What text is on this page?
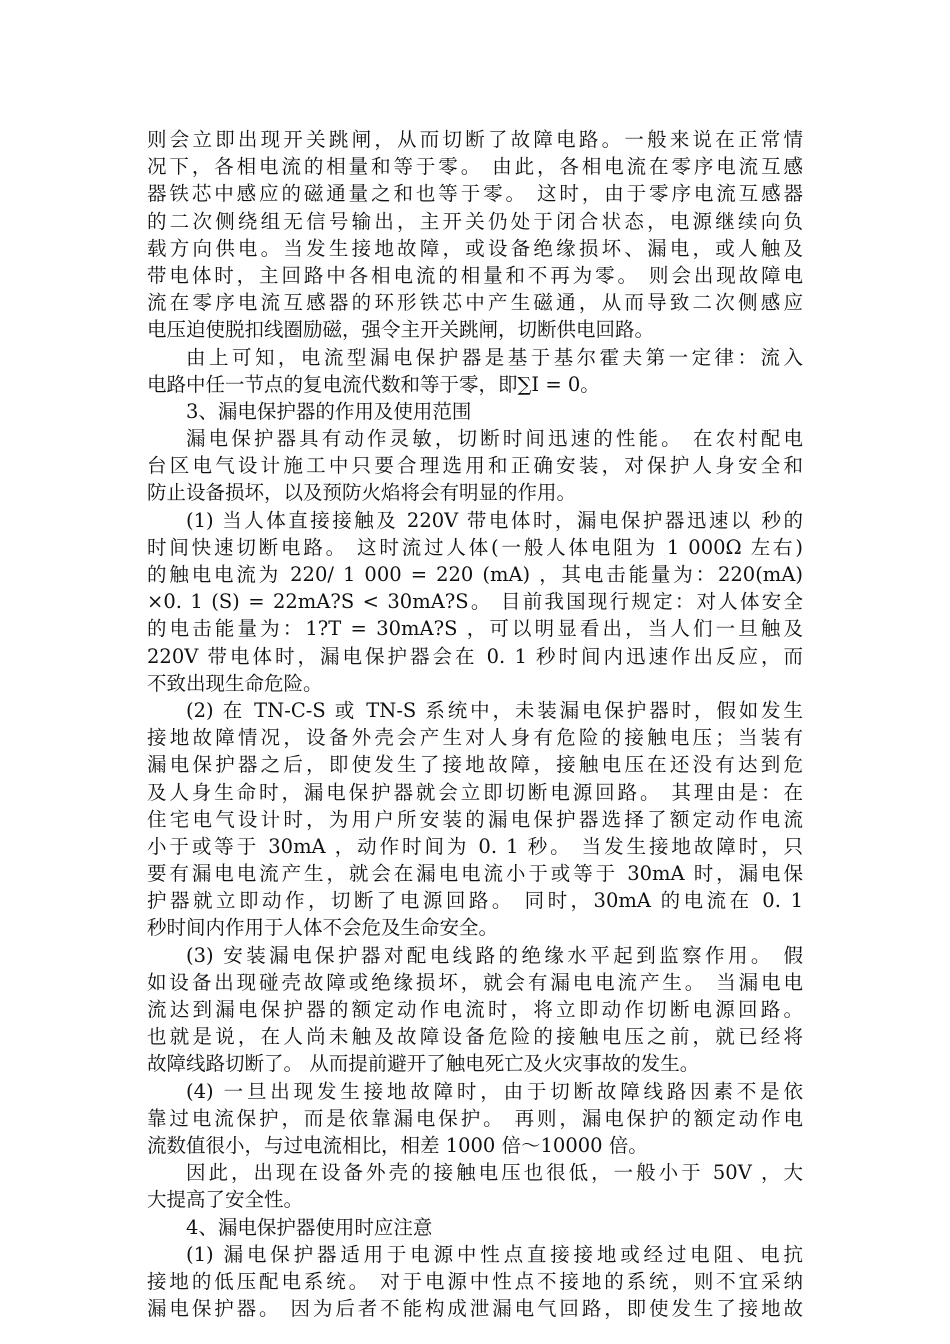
则会立即出现开关跳闸，从而切断了故障电路。一般来说在正常情
况下，各相电流的相量和等于零。 由此，各相电流在零序电流互感
器铁芯中感应的磁通量之和也等于零。 这时，由于零序电流互感器
的二次侧绕组无信号输出，主开关仍处于闭合状态，电源继续向负
载方向供电。当发生接地故障，或设备绝缘损坏、漏电，或人触及
带电体时，主回路中各相电流的相量和不再为零。 则会出现故障电
流在零序电流互感器的环形铁芯中产生磁通，从而导致二次侧感应
电压迫使脱扣线圈励磁，强令主开关跳闸，切断供电回路。
由上可知，电流型漏电保护器是基于基尔霍夫第一定律：流入
电路中任一节点的复电流代数和等于零，即∑I = 0。
3、漏电保护器的作用及使用范围
漏电保护器具有动作灵敏，切断时间迅速的性能。 在农村配电
台区电气设计施工中只要合理选用和正确安装，对保护人身安全和
防止设备损坏，以及预防火焰将会有明显的作用。
(1) 当人体直接接触及 220V 带电体时，漏电保护器迅速以 秒的
时间快速切断电路。 这时流过人体(一般人体电阻为 1 000Ω 左右)
的触电电流为 220/ 1 000 = 220 (mA) ，其电击能量为：220(mA)
×0. 1 (S) = 22mA?S < 30mA?S。 目前我国现行规定：对人体安全
的电击能量为：1?T = 30mA?S ，可以明显看出，当人们一旦触及
220V 带电体时，漏电保护器会在 0. 1 秒时间内迅速作出反应，而
不致出现生命危险。
(2) 在 TN-C-S 或 TN-S 系统中，未装漏电保护器时，假如发生
接地故障情况，设备外壳会产生对人身有危险的接触电压；当装有
漏电保护器之后，即使发生了接地故障，接触电压在还没有达到危
及人身生命时，漏电保护器就会立即切断电源回路。 其理由是：在
住宅电气设计时，为用户所安装的漏电保护器选择了额定动作电流
小于或等于 30mA ，动作时间为 0. 1 秒。 当发生接地故障时，只
要有漏电电流产生，就会在漏电电流小于或等于 30mA 时，漏电保
护器就立即动作，切断了电源回路。 同时，30mA 的电流在 0. 1
秒时间内作用于人体不会危及生命安全。
(3) 安装漏电保护器对配电线路的绝缘水平起到监察作用。 假
如设备出现碰壳故障或绝缘损坏，就会有漏电电流产生。 当漏电电
流达到漏电保护器的额定动作电流时，将立即动作切断电源回路。
也就是说，在人尚未触及故障设备危险的接触电压之前，就已经将
故障线路切断了。 从而提前避开了触电死亡及火灾事故的发生。
(4) 一旦出现发生接地故障时，由于切断故障线路因素不是依
靠过电流保护，而是依靠漏电保护。 再则，漏电保护的额定动作电
流数值很小，与过电流相比，相差 1000 倍～10000 倍。
因此，出现在设备外壳的接触电压也很低，一般小于 50V ，大
大提高了安全性。
4、漏电保护器使用时应注意
(1) 漏电保护器适用于电源中性点直接接地或经过电阻、电抗
接地的低压配电系统。 对于电源中性点不接地的系统，则不宜采纳
漏电保护器。 因为后者不能构成泄漏电气回路，即使发生了接地故
